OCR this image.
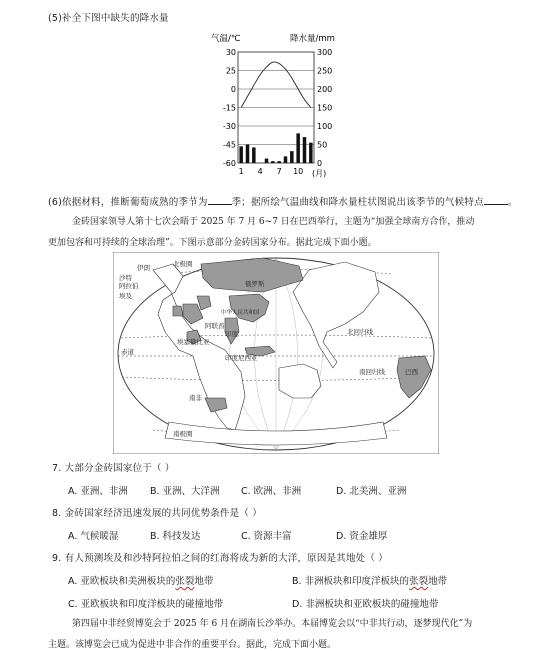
(5)补全下图中缺失的降水量
气温/℃	降水量/mm
30
25
0
-15
-30
-45
-60
300
250
200
150
100
50
0
1 4 7 10 (月)
(6)依据材料，推断葡萄成熟的季节为	季；据所绘气温曲线和降水量柱状图说出该季节的气候特点	。
金砖国家领导人第十七次会晤于 2025 年 7 月 6~7 日在巴西举行，主题为“加强全球南方合作，推动
更加包容和可持续的全球治理”。下图示意部分金砖国家分布。据此完成下面小题。
伊朗
沙特阿拉伯
埃及
俄罗斯
中华人民共和国
印度
埃塞俄比亚
阿联酋
印度尼西亚
赤道
南非
北回归线
南回归线	巴西
北极圈
南极圈
7. 大部分金砖国家位于（ ）
A. 亚洲、非洲 B. 亚洲、大洋洲 C. 欧洲、非洲	D. 北美洲、亚洲
8. 金砖国家经济迅速发展的共同优势条件是（ ）
A. 气候暖湿	B. 科技发达	C. 资源丰富	D. 资金雄厚
9. 有人预测埃及和沙特阿拉伯之间的红海将成为新的大洋，原因是其地处（ ）
A. 亚欧板块和美洲板块的张裂地带	B. 非洲板块和印度洋板块的张裂地带
C. 亚欧板块和印度洋板块的碰撞地带	D. 非洲板块和亚欧板块的碰撞地带
第四届中非经贸博览会于 2025 年 6 月在湖南长沙举办。本届博览会以“中非共行动，逐梦现代化”为
主题。该博览会已成为促进中非合作的重要平台。据此，完成下面小题。
